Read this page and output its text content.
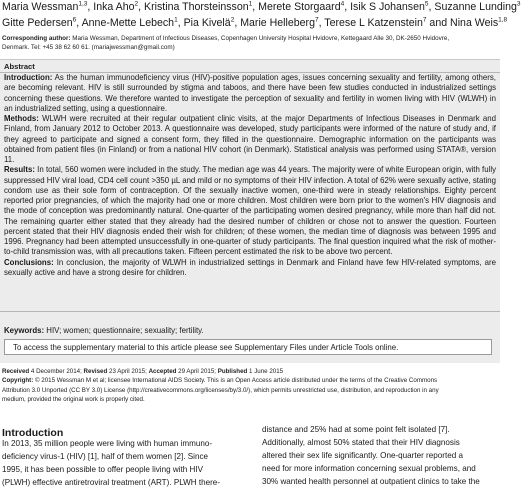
Maria Wessman$^{1,3}$, Inka Aho$^2$, Kristina Thorsteinsson$^1$, Merete Storgaard$^4$, Isik S Johansen$^5$, Suzanne Lunding$^3$
Gitte Pedersen$^6$, Anne-Mette Lebech$^1$, Pia Kivelä$^2$, Marie Helleberg$^7$, Terese L Katzenstein$^7$ and Nina Weis$^{1,8}$
Corresponding author: Maria Wessman, Department of Infectious Diseases, Copenhagen University Hospital Hvidovre, Kettegaard Alle 30, DK-2650 Hvidovre,
Denmark. Tel: +45 38 62 60 61. (mariajwessman@gmail.com)
Abstract

Introduction: As the human immunodeficiency virus (HIV)-positive population ages, issues concerning sexuality and fertility, among others, are becoming relevant. HIV is still surrounded by stigma and taboos, and there have been few studies conducted in industrialized settings concerning these questions. We therefore wanted to investigate the perception of sexuality and fertility in women living with HIV (WLWH) in an industrialized setting, using a questionnaire.

Methods: WLWH were recruited at their regular outpatient clinic visits, at the major Departments of Infectious Diseases in Denmark and Finland, from January 2012 to October 2013. A questionnaire was developed, study participants were informed of the nature of study and, if they agreed to participate and signed a consent form, they filled in the questionnaire. Demographic information on the participants was obtained from patient files (in Finland) or from a national HIV cohort (in Denmark). Statistical analysis was performed using STATA®, version 11.

Results: In total, 560 women were included in the study. The median age was 44 years. The majority were of white European origin, with fully suppressed HIV viral load, CD4 cell count >350 µL and mild or no symptoms of their HIV infection. A total of 62% were sexually active, stating condom use as their sole form of contraception. Of the sexually inactive women, one-third were in steady relationships. Eighty percent reported prior pregnancies, of which the majority had one or more children. Most children were born prior to the women's HIV diagnosis and the mode of conception was predominantly natural. One-quarter of the participating women desired pregnancy, while more than half did not. The remaining quarter either stated that they already had the desired number of children or chose not to answer the question. Fourteen percent stated that their HIV diagnosis ended their wish for children; of these women, the median time of diagnosis was between 1995 and 1996. Pregnancy had been attempted unsuccessfully in one-quarter of study participants. The final question inquired what the risk of mother-to-child transmission was, with all precautions taken. Fifteen percent estimated the risk to be above two percent.

Conclusions: In conclusion, the majority of WLWH in industrialized settings in Denmark and Finland have few HIV-related symptoms, are sexually active and have a strong desire for children.

Keywords: HIV; women; questionnaire; sexuality; fertility.
To access the supplementary material to this article please see Supplementary Files under Article Tools online.

Received 4 December 2014; Revised 23 April 2015; Accepted 29 April 2015; Published 1 June 2015

Copyright: © 2015 Wessman M et al; licensee International AIDS Society. This is an Open Access article distributed under the terms of the Creative Commons

Attribution 3.0 Unported (CC BY 3.0) License (http://creativecommons.org/licenses/by/3.0/), which permits unrestricted use, distribution, and reproduction in any

medium, provided the original work is properly cited.

Introduction
In 2013, 35 million people were living with human immuno-
deficiency virus-1 (HIV) [1], half of them women [2]. Since
1995, it has been possible to offer people living with HIV
(PLWH) effective antiretroviral treatment (ART). PLWH there-
distance and 25% had at some point felt isolated [7].
Additionally, almost 50% stated that their HIV diagnosis
altered their sex life significantly. One-quarter reported a
need for more information concerning sexual problems, and
30% wanted health personnel at outpatient clinics to take the
